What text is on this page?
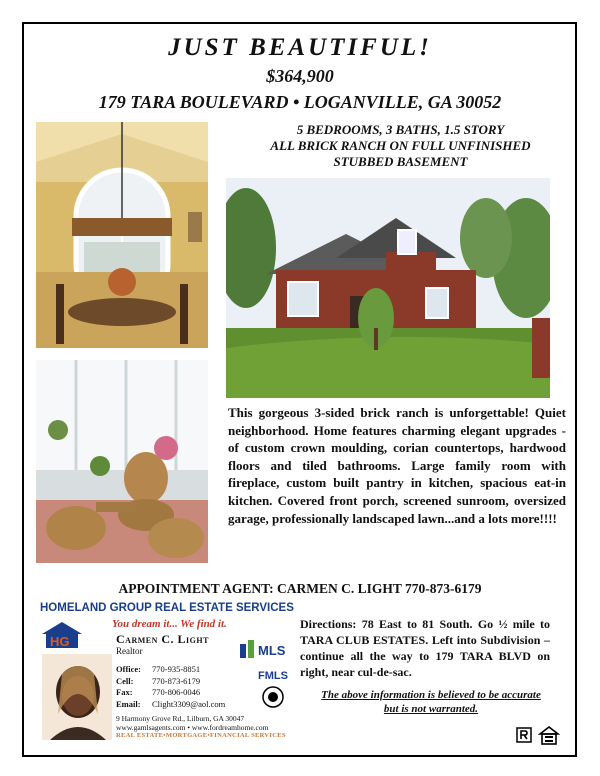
JUST BEAUTIFUL!
$364,900
179 TARA BOULEVARD • LOGANVILLE, GA 30052
5 BEDROOMS, 3 BATHS, 1.5 STORY
ALL BRICK RANCH ON FULL UNFINISHED
STUBBED BASEMENT
This gorgeous 3-sided brick ranch is unforgettable! Quiet neighborhood. Home features charming elegant upgrades - of custom crown moulding, corian countertops, hardwood floors and tiled bathrooms. Large family room with fireplace, custom built pantry in kitchen, spacious eat-in kitchen. Covered front porch, screened sunroom, oversized garage, professionally landscaped lawn...and a lots more!!!!
APPOINTMENT AGENT: CARMEN C. LIGHT 770-873-6179
HOMELAND GROUP REAL ESTATE SERVICES
HG
You dream it... We find it.
Carmen C. Light
Realtor
Office: 770-935-8851
Cell: 770-873-6179
Fax: 770-806-0046
Email: Clight3309@aol.com
MLS
FMLS
9 Harmony Grove Rd., Lilburn, GA 30047
www.gamlsagents.com • www.fordreamhome.com
REAL ESTATE•MORTGAGE•FINANCIAL SERVICES
Directions: 78 East to 81 South. Go ½ mile to TARA CLUB ESTATES. Left into Subdivision – continue all the way to 179 TARA BLVD on right, near cul-de-sac.
The above information is believed to be accurate
but is not warranted.
